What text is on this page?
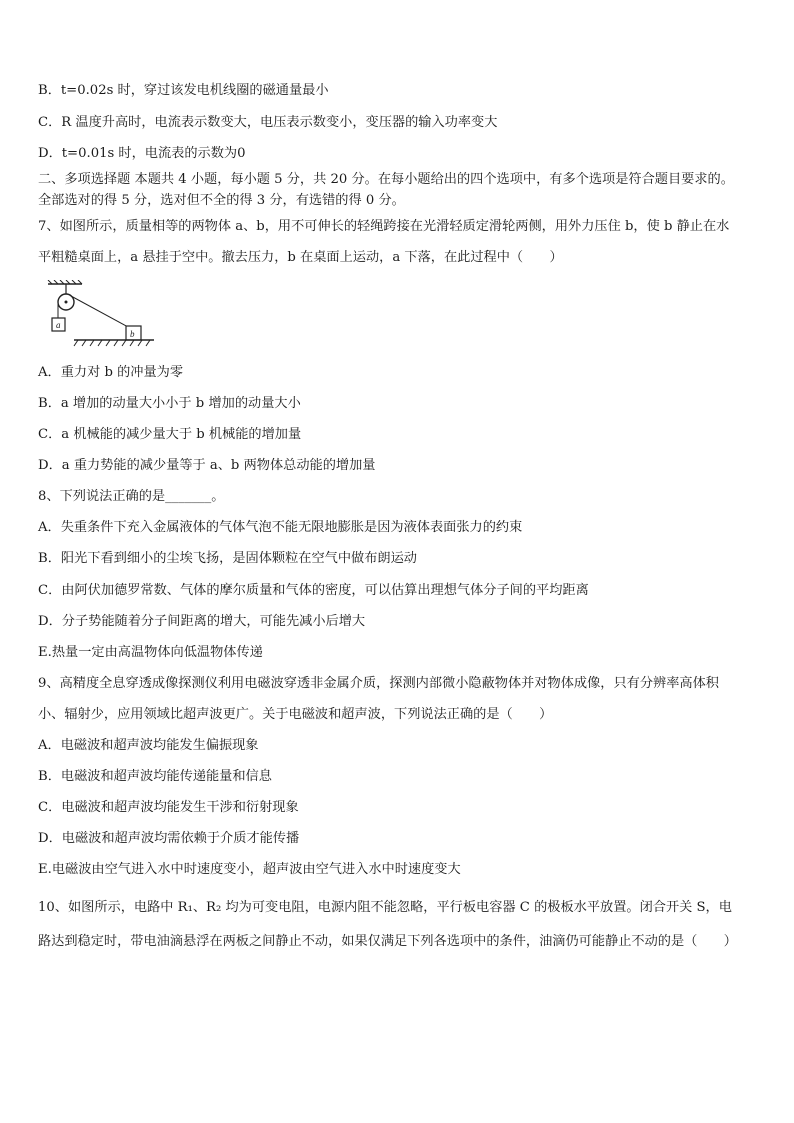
B．t=0.02s 时，穿过该发电机线圈的磁通量最小
C．R 温度升高时，电流表示数变大，电压表示数变小，变压器的输入功率变大
D．t=0.01s 时，电流表的示数为0
二、多项选择题 本题共 4 小题，每小题 5 分，共 20 分。在每小题给出的四个选项中，有多个选项是符合题目要求的。
全部选对的得 5 分，选对但不全的得 3 分，有选错的得 0 分。
7、如图所示，质量相等的两物体 a、b，用不可伸长的轻绳跨接在光滑轻质定滑轮两侧，用外力压住 b，使 b 静止在水
平粗糙桌面上，a 悬挂于空中。撤去压力，b 在桌面上运动，a 下落，在此过程中（　　）
a
b
A．重力对 b 的冲量为零
B．a 增加的动量大小小于 b 增加的动量大小
C．a 机械能的减少量大于 b 机械能的增加量
D．a 重力势能的减少量等于 a、b 两物体总动能的增加量
8、下列说法正确的是_______。
A．失重条件下充入金属液体的气体气泡不能无限地膨胀是因为液体表面张力的约束
B．阳光下看到细小的尘埃飞扬，是固体颗粒在空气中做布朗运动
C．由阿伏加德罗常数、气体的摩尔质量和气体的密度，可以估算出理想气体分子间的平均距离
D．分子势能随着分子间距离的增大，可能先减小后增大
E.热量一定由高温物体向低温物体传递
9、高精度全息穿透成像探测仪利用电磁波穿透非金属介质，探测内部微小隐蔽物体并对物体成像，只有分辨率高体积
小、辐射少，应用领域比超声波更广。关于电磁波和超声波，下列说法正确的是（　　）
A．电磁波和超声波均能发生偏振现象
B．电磁波和超声波均能传递能量和信息
C．电磁波和超声波均能发生干涉和衍射现象
D．电磁波和超声波均需依赖于介质才能传播
E.电磁波由空气进入水中时速度变小，超声波由空气进入水中时速度变大
10、如图所示，电路中 R₁、R₂ 均为可变电阻，电源内阻不能忽略，平行板电容器 C 的极板水平放置。闭合开关 S，电
路达到稳定时，带电油滴悬浮在两板之间静止不动，如果仅满足下列各选项中的条件，油滴仍可能静止不动的是（　　）
